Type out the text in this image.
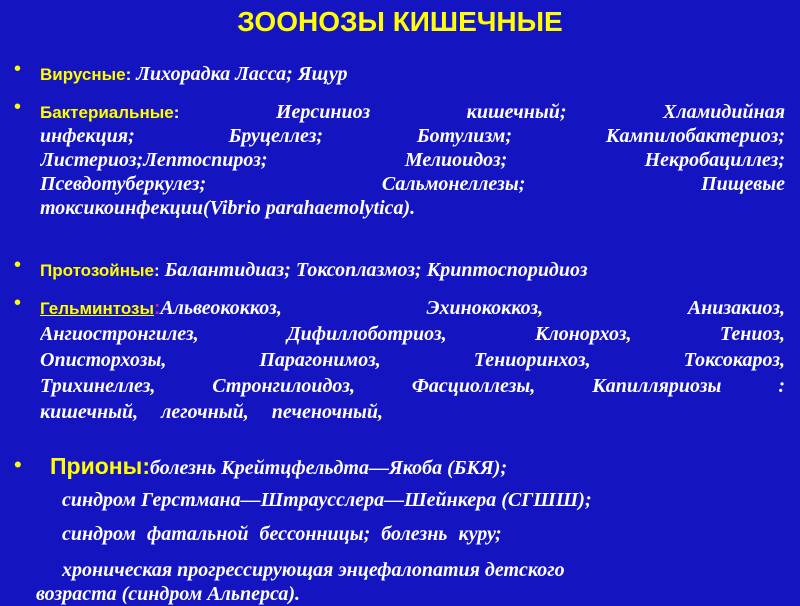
ЗООНОЗЫ КИШЕЧНЫЕ
• Вирусные: Лихорадка Ласса; Ящур
• Бактериальные:	Иерсиниоз кишечный; Хламидийная
инфекция; Бруцеллез; Ботулизм; Кампилобактериоз;
Листериоз;Лептоспироз; Мелиоидоз; Некробациллез;
Псевдотуберкулез; Сальмонеллезы; Пищевые
токсикоинфекции(Vibrio parahaemolytica).
• Протозойные: Балантидиаз; Токсоплазмоз; Криптоспоридиоз
• Гельминтозы:Альвеококкоз, Эхинококкоз, Анизакиоз,
Ангиостронгилез, Дифиллоботриоз, Клонорхоз, Тениоз,
Описторхозы, Парагонимоз, Тениоринхоз, Токсокароз,
Трихинеллез, Стронгилоидоз, Фасциоллезы, Капилляриозы :
кишечный, легочный, печеночный,
• Прионы:болезнь Крейтцфельдта—Якоба (БКЯ);
синдром Герстмана—Штраусслера—Шейнкера (СГШШ);
синдром фатальной бессонницы; болезнь куру;
хроническая прогрессирующая энцефалопатия детского
возраста (синдром Альперса).
